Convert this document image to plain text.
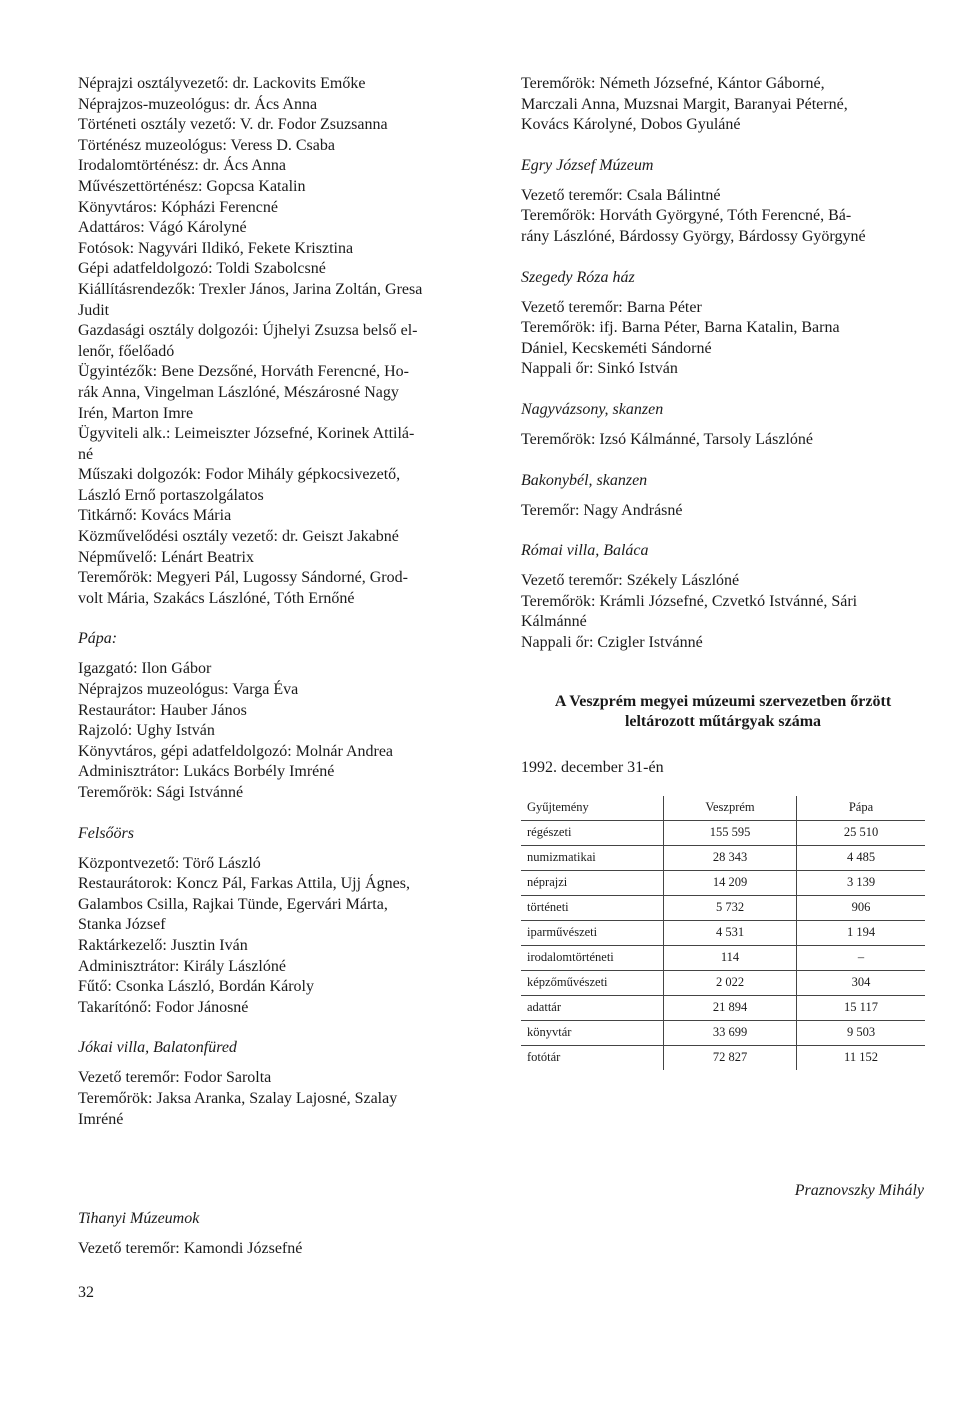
Néprajzi osztályvezető: dr. Lackovits Emőke
Néprajzos-muzeológus: dr. Ács Anna
Történeti osztály vezető: V. dr. Fodor Zsuzsanna
Történész muzeológus: Veress D. Csaba
Irodalomtörténész: dr. Ács Anna
Művészettörténész: Gopcsa Katalin
Könyvtáros: Kópházi Ferencné
Adattáros: Vágó Károlyné
Fotósok: Nagyvári Ildikó, Fekete Krisztina
Gépi adatfeldolgozó: Toldi Szabolcsné
Kiállításrendezők: Trexler János, Jarina Zoltán, Gresa
Judit
Gazdasági osztály dolgozói: Újhelyi Zsuzsa belső el-
lenőr, főelőadó
Ügyintézők: Bene Dezsőné, Horváth Ferencné, Ho-
rák Anna, Vingelman Lászlóné, Mészárosné Nagy
Irén, Marton Imre
Ügyviteli alk.: Leimeiszter Józsefné, Korinek Attilá-
né
Műszaki dolgozók: Fodor Mihály gépkocsivezető,
László Ernő portaszolgálatos
Titkárnő: Kovács Mária
Közművelődési osztály vezető: dr. Geiszt Jakabné
Népművelő: Lénárt Beatrix
Teremőrök: Megyeri Pál, Lugossy Sándorné, Grod-
volt Mária, Szakács Lászlóné, Tóth Ernőné
Pápa:
Igazgató: Ilon Gábor
Néprajzos muzeológus: Varga Éva
Restaurátor: Hauber János
Rajzoló: Ughy István
Könyvtáros, gépi adatfeldolgozó: Molnár Andrea
Adminisztrátor: Lukács Borbély Imréné
Teremőrök: Sági Istvánné
Felsőörs
Központvezető: Törő László
Restaurátorok: Koncz Pál, Farkas Attila, Ujj Ágnes,
Galambos Csilla, Rajkai Tünde, Egervári Márta,
Stanka József
Raktárkezelő: Jusztin Iván
Adminisztrátor: Király Lászlóné
Fűtő: Csonka László, Bordán Károly
Takarítónő: Fodor Jánosné
Jókai villa, Balatonfüred
Vezető teremőr: Fodor Sarolta
Teremőrök: Jaksa Aranka, Szalay Lajosné, Szalay
Imréné
Tihanyi Múzeumok
Vezető teremőr: Kamondi Józsefné
Teremőrök: Németh Józsefné, Kántor Gáborné,
Marczali Anna, Muzsnai Margit, Baranyai Péterné,
Kovács Károlyné, Dobos Gyuláné
Egry József Múzeum
Vezető teremőr: Csala Bálintné
Teremőrök: Horváth Györgyné, Tóth Ferencné, Bá-
rány Lászlóné, Bárdossy György, Bárdossy Györgyné
Szegedy Róza ház
Vezető teremőr: Barna Péter
Teremőrök: ifj. Barna Péter, Barna Katalin, Barna
Dániel, Kecskeméti Sándorné
Nappali őr: Sinkó István
Nagyvázsony, skanzen
Teremőrök: Izsó Kálmánné, Tarsoly Lászlóné
Bakonybél, skanzen
Teremőr: Nagy Andrásné
Római villa, Baláca
Vezető teremőr: Székely Lászlóné
Teremőrök: Krámli Józsefné, Czvetkó Istvánné, Sári
Kálmánné
Nappali őr: Czigler Istvánné
A Veszprém megyei múzeumi szervezetben őrzött
leltározott műtárgyak száma
1992. december 31-én
Gyűjtemény	Veszprém	Pápa
régészeti	155 595	25 510
numizmatikai	28 343	4 485
néprajzi	14 209	3 139
történeti	5 732	906
iparművészeti	4 531	1 194
irodalomtörténeti	114	–
képzőművészeti	2 022	304
adattár	21 894	15 117
könyvtár	33 699	9 503
fotótár	72 827	11 152
Praznovszky Mihály
32
